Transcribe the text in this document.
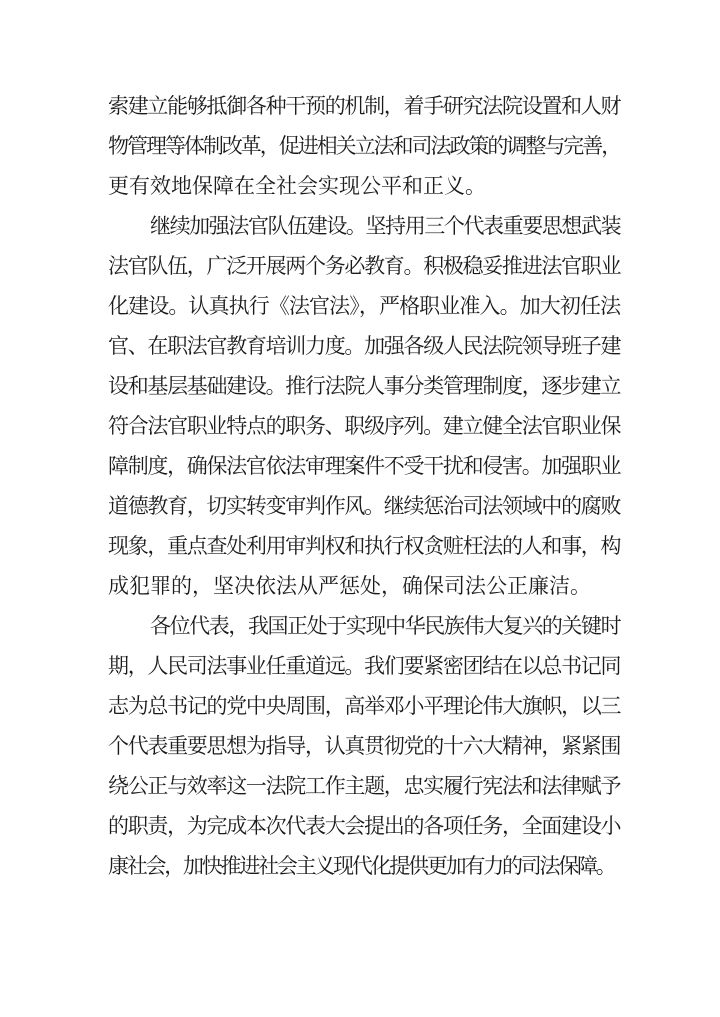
索建立能够抵御各种干预的机制，着手研究法院设置和人财
物管理等体制改革，促进相关立法和司法政策的调整与完善，
更有效地保障在全社会实现公平和正义。
继续加强法官队伍建设。坚持用三个代表重要思想武装
法官队伍，广泛开展两个务必教育。积极稳妥推进法官职业
化建设。认真执行《法官法》，严格职业准入。加大初任法
官、在职法官教育培训力度。加强各级人民法院领导班子建
设和基层基础建设。推行法院人事分类管理制度，逐步建立
符合法官职业特点的职务、职级序列。建立健全法官职业保
障制度，确保法官依法审理案件不受干扰和侵害。加强职业
道德教育，切实转变审判作风。继续惩治司法领域中的腐败
现象，重点查处利用审判权和执行权贪赃枉法的人和事，构
成犯罪的，坚决依法从严惩处，确保司法公正廉洁。
各位代表，我国正处于实现中华民族伟大复兴的关键时
期，人民司法事业任重道远。我们要紧密团结在以总书记同
志为总书记的党中央周围，高举邓小平理论伟大旗帜，以三
个代表重要思想为指导，认真贯彻党的十六大精神，紧紧围
绕公正与效率这一法院工作主题，忠实履行宪法和法律赋予
的职责，为完成本次代表大会提出的各项任务，全面建设小
康社会，加快推进社会主义现代化提供更加有力的司法保障。
